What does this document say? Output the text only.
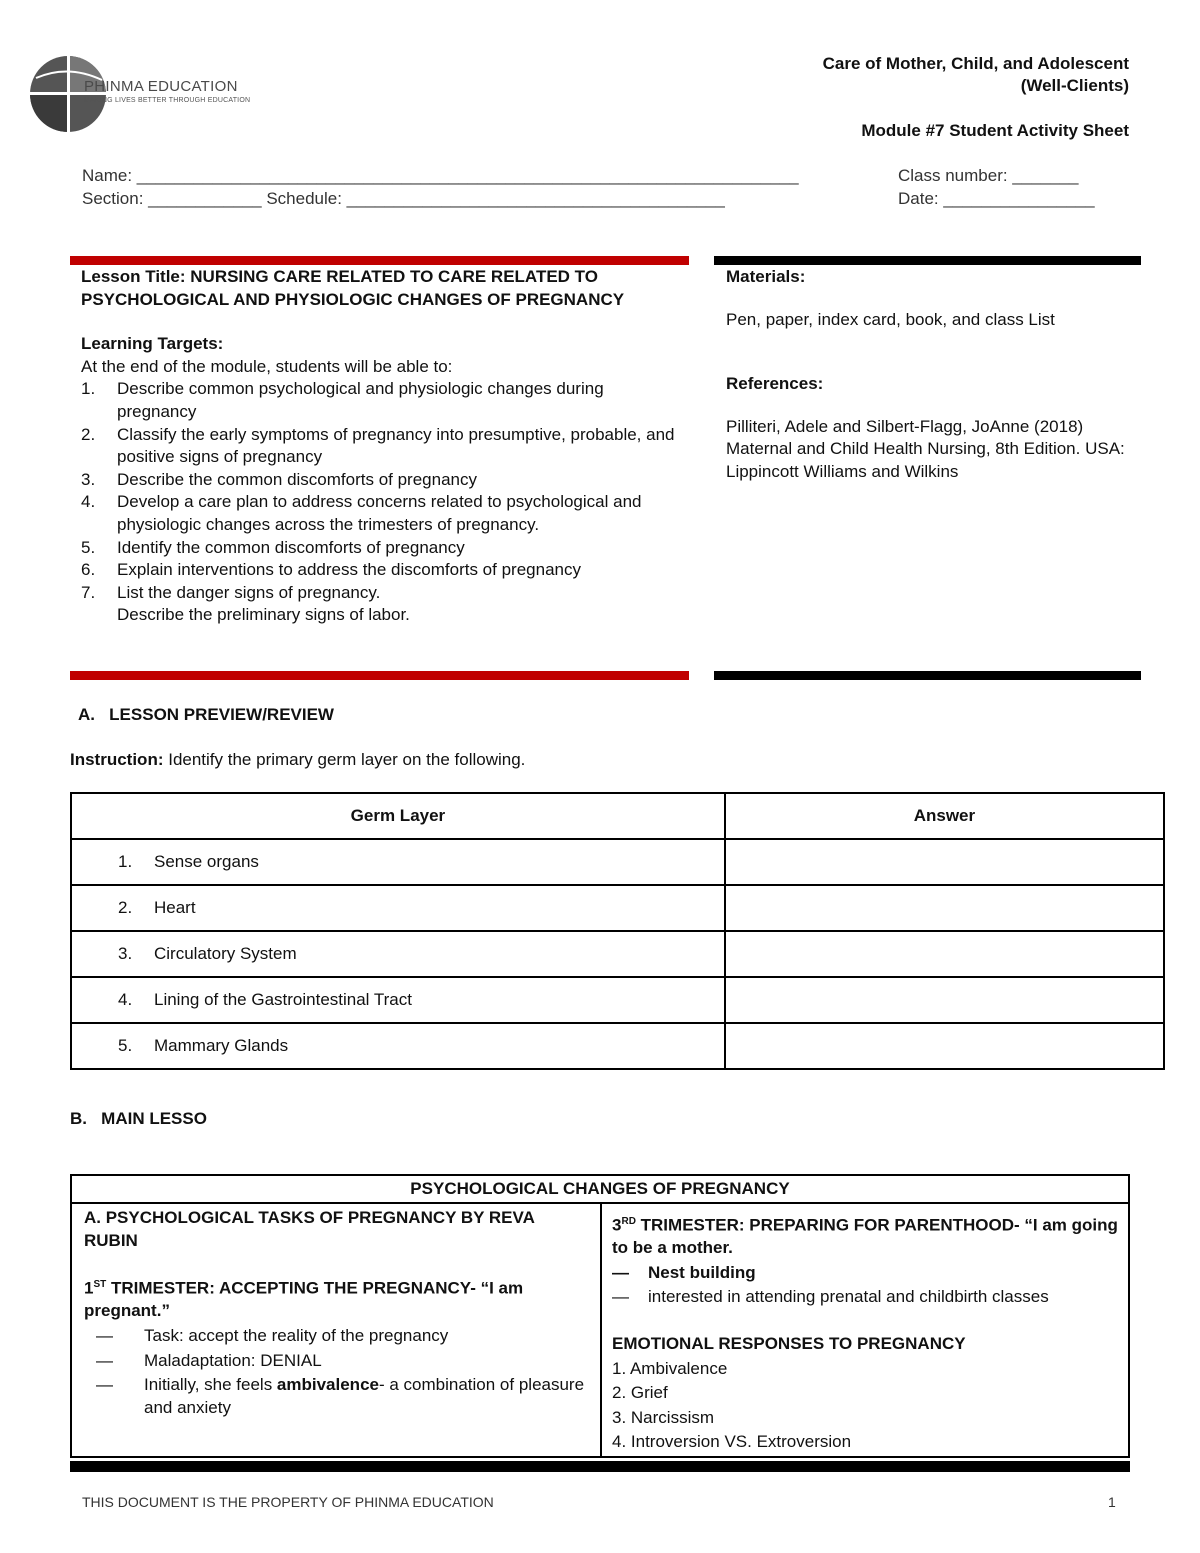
PHINMA EDUCATION
MAKING LIVES BETTER THROUGH EDUCATION
Care of Mother, Child, and Adolescent
(Well-Clients)
Module #7 Student Activity Sheet
Name: ______________________________________________________________________	Class number: _______
Section: ____________ Schedule: ________________________________________	Date: ________________
Lesson Title: NURSING CARE RELATED TO CARE RELATED TO PSYCHOLOGICAL AND PHYSIOLOGIC CHANGES OF PREGNANCY
Learning Targets:
At the end of the module, students will be able to:
1. Describe common psychological and physiologic changes during pregnancy
2. Classify the early symptoms of pregnancy into presumptive, probable, and positive signs of pregnancy
3. Describe the common discomforts of pregnancy
4. Develop a care plan to address concerns related to psychological and physiologic changes across the trimesters of pregnancy.
5. Identify the common discomforts of pregnancy
6. Explain interventions to address the discomforts of pregnancy
7. List the danger signs of pregnancy.
Describe the preliminary signs of labor.
Materials:
Pen, paper, index card, book, and class List
References:
Pilliteri, Adele and Silbert-Flagg, JoAnne (2018) Maternal and Child Health Nursing, 8th Edition. USA: Lippincott Williams and Wilkins
A.   LESSON PREVIEW/REVIEW
Instruction: Identify the primary germ layer on the following.
Germ Layer	Answer
1. Sense organs	
2. Heart	
3. Circulatory System	
4. Lining of the Gastrointestinal Tract	
5. Mammary Glands	
B.   MAIN LESSO
PSYCHOLOGICAL CHANGES OF PREGNANCY
A. PSYCHOLOGICAL TASKS OF PREGNANCY BY REVA RUBIN
1ST TRIMESTER: ACCEPTING THE PREGNANCY- “I am pregnant.”
— Task: accept the reality of the pregnancy
— Maladaptation: DENIAL
— Initially, she feels ambivalence- a combination of pleasure and anxiety
3RD TRIMESTER: PREPARING FOR PARENTHOOD- “I am going to be a mother.
— Nest building
— interested in attending prenatal and childbirth classes
EMOTIONAL RESPONSES TO PREGNANCY
1. Ambivalence
2. Grief
3. Narcissism
4. Introversion VS. Extroversion
THIS DOCUMENT IS THE PROPERTY OF PHINMA EDUCATION	1
